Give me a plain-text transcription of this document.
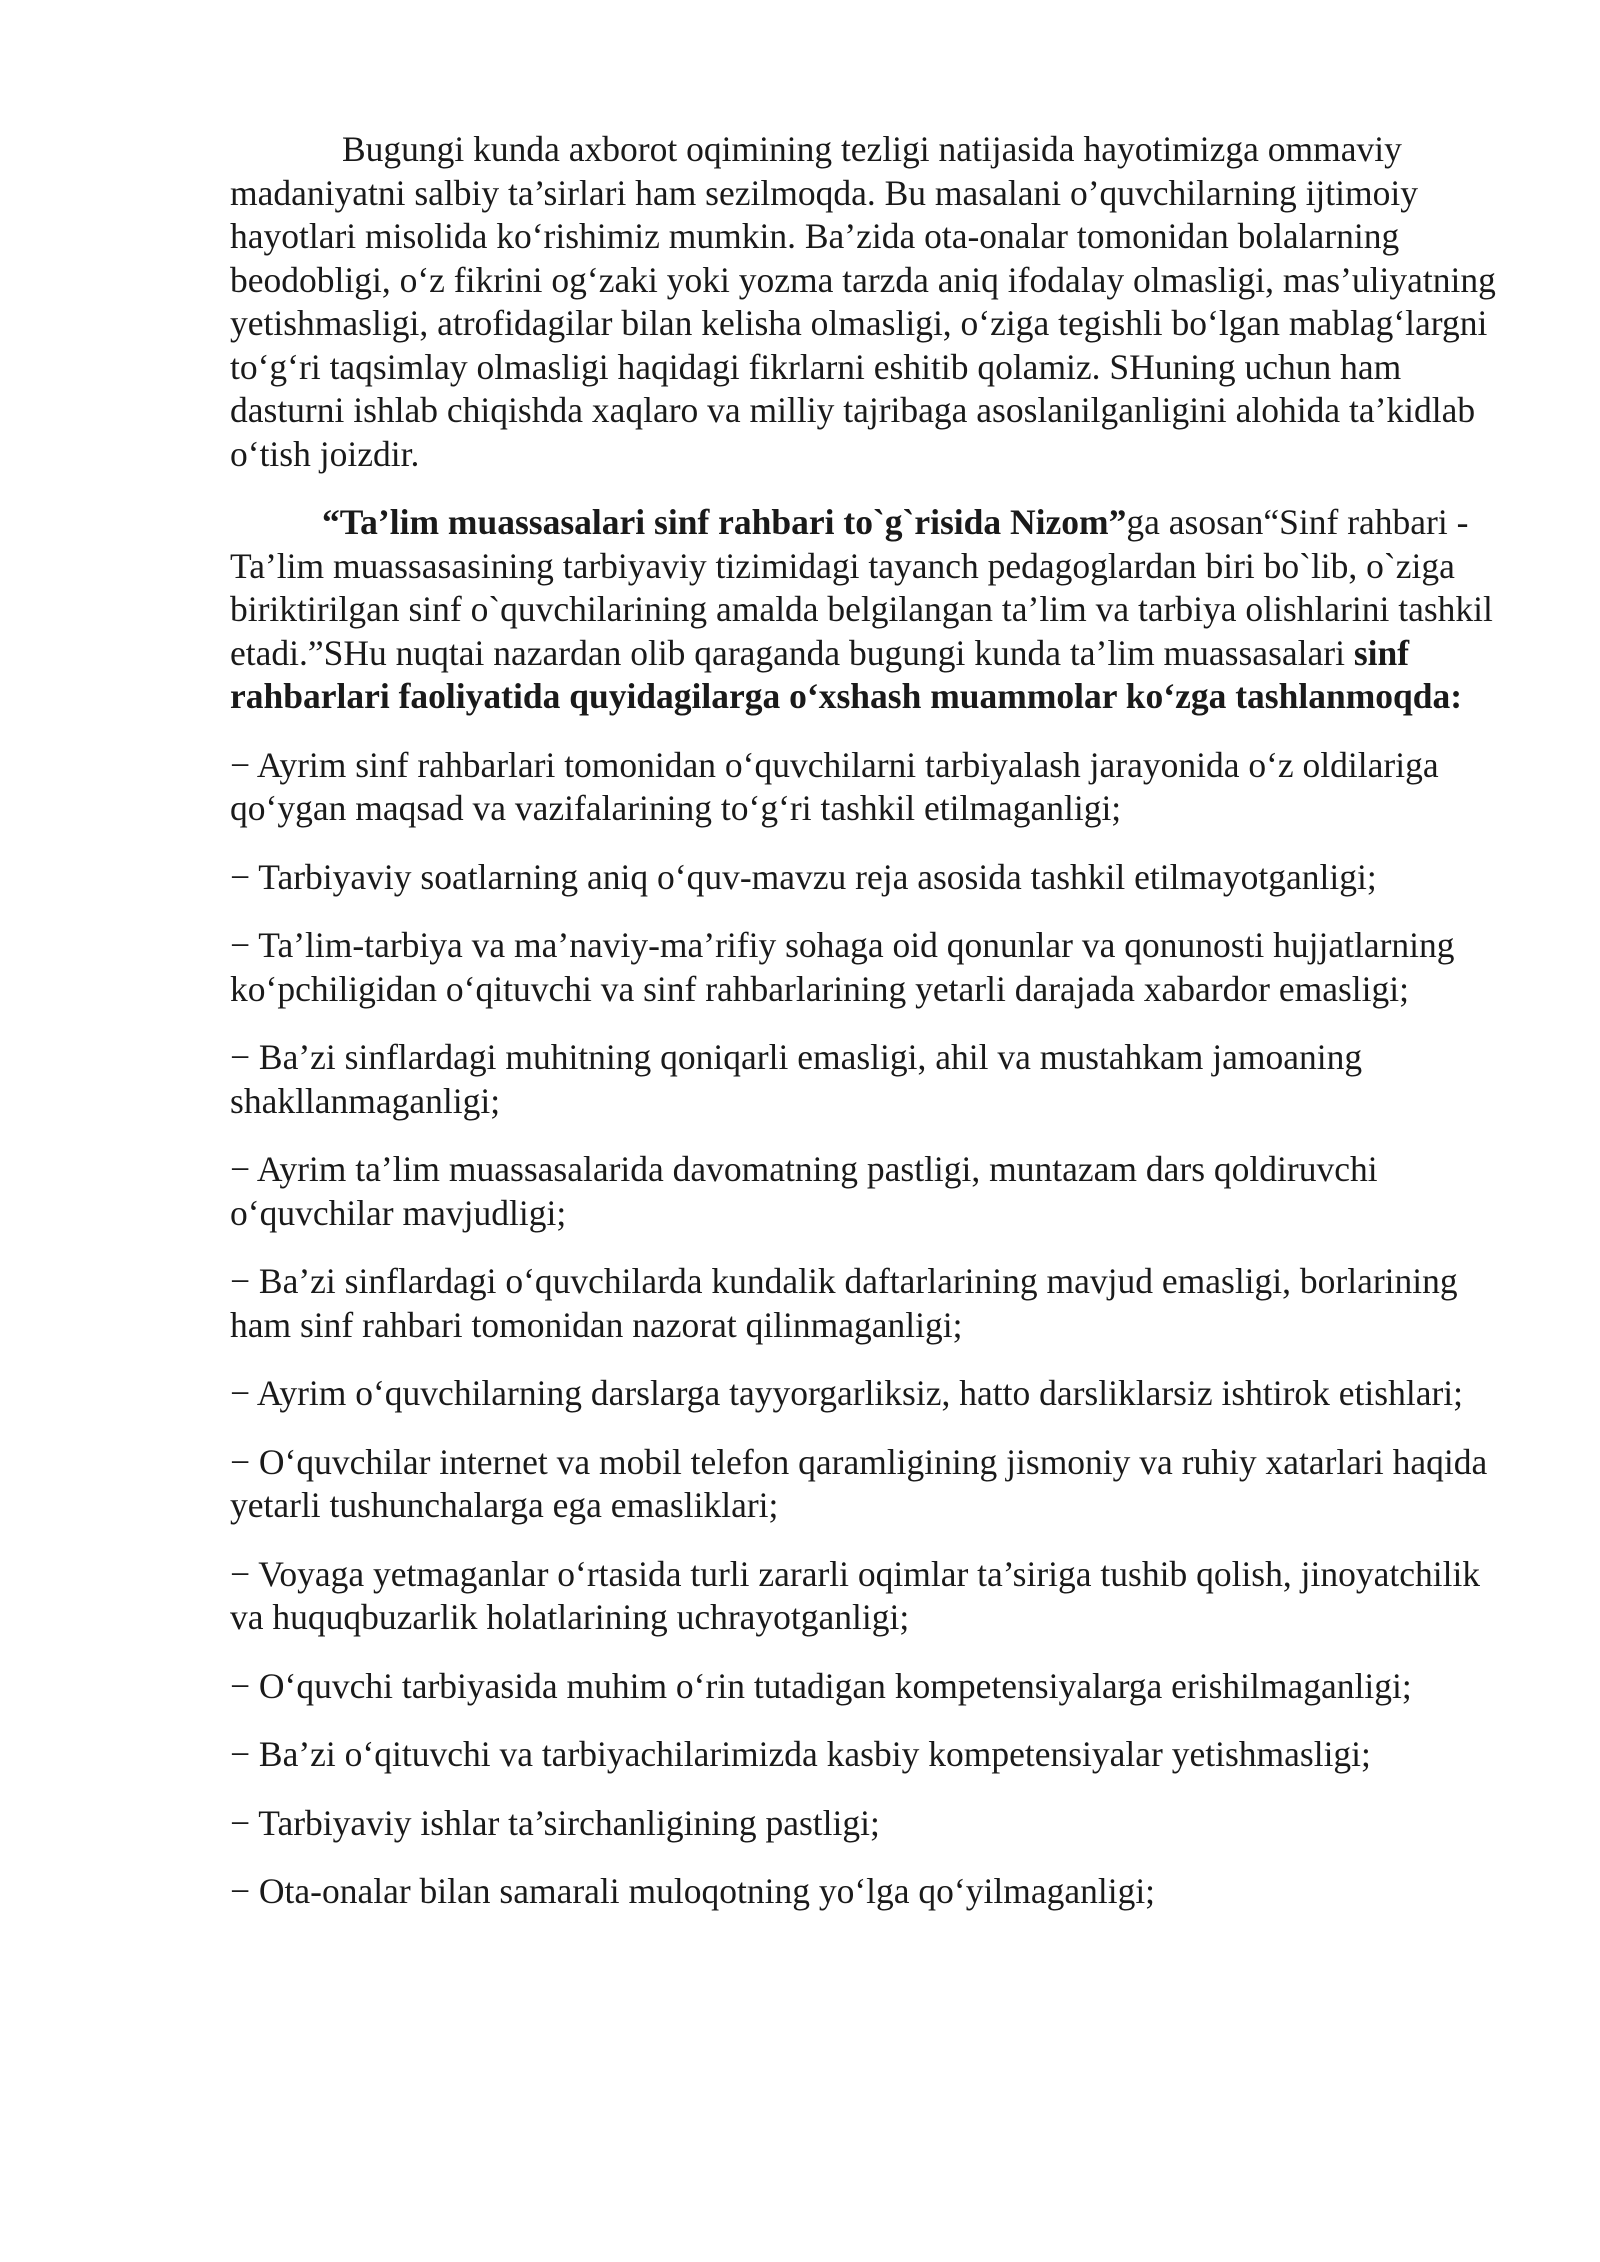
Bugungi kunda axborot oqimining tezligi natijasida hayotimizga ommaviy madaniyatni salbiy ta’sirlari ham sezilmoqda. Bu masalani o’quvchilarning ijtimoiy hayotlari misolida koʻrishimiz mumkin. Ba’zida ota-onalar tomonidan bolalarning beodobligi, oʻz fikrini ogʻzaki yoki yozma tarzda aniq ifodalay olmasligi, mas’uliyatning yetishmasligi, atrofidagilar bilan kelisha olmasligi, oʻziga tegishli boʻlgan mablagʻlargni toʻgʻri taqsimlay olmasligi haqidagi fikrlarni eshitib qolamiz. SHuning uchun ham dasturni ishlab chiqishda xaqlaro va milliy tajribaga asoslanilganligini alohida ta’kidlab oʻtish joizdir.

“Ta’lim muassasalari sinf rahbari to`g`risida Nizom”ga asosan“Sinf rahbari - Ta’lim muassasasining tarbiyaviy tizimidagi tayanch pedagoglardan biri bo`lib, o`ziga biriktirilgan sinf o`quvchilarining amalda belgilangan ta’lim va tarbiya olishlarini tashkil etadi.”SHu nuqtai nazardan olib qaraganda bugungi kunda ta’lim muassasalari sinf rahbarlari faoliyatida quyidagilarga oʻxshash muammolar koʻzga tashlanmoqda:

− Ayrim sinf rahbarlari tomonidan oʻquvchilarni tarbiyalash jarayonida oʻz oldilariga qoʻygan maqsad va vazifalarining toʻgʻri tashkil etilmaganligi;
− Tarbiyaviy soatlarning aniq oʻquv-mavzu reja asosida tashkil etilmayotganligi;
− Ta’lim-tarbiya va ma’naviy-ma’rifiy sohaga oid qonunlar va qonunosti hujjatlarning koʻpchiligidan oʻqituvchi va sinf rahbarlarining yetarli darajada xabardor emasligi;
− Ba’zi sinflardagi muhitning qoniqarli emasligi, ahil va mustahkam jamoaning shakllanmaganligi;
− Ayrim ta’lim muassasalarida davomatning pastligi, muntazam dars qoldiruvchi oʻquvchilar mavjudligi;
− Ba’zi sinflardagi oʻquvchilarda kundalik daftarlarining mavjud emasligi, borlarining ham sinf rahbari tomonidan nazorat qilinmaganligi;
− Ayrim oʻquvchilarning darslarga tayyorgarliksiz, hatto darsliklarsiz ishtirok etishlari;
− Oʻquvchilar internet va mobil telefon qaramligining jismoniy va ruhiy xatarlari haqida yetarli tushunchalarga ega emasliklari;
− Voyaga yetmaganlar oʻrtasida turli zararli oqimlar ta’siriga tushib qolish, jinoyatchilik va huquqbuzarlik holatlarining uchrayotganligi;
− Oʻquvchi tarbiyasida muhim oʻrin tutadigan kompetensiyalarga erishilmaganligi;
− Ba’zi oʻqituvchi va tarbiyachilarimizda kasbiy kompetensiyalar yetishmasligi;
− Tarbiyaviy ishlar ta’sirchanligining pastligi;
− Ota-onalar bilan samarali muloqotning yoʻlga qoʻyilmaganligi;
